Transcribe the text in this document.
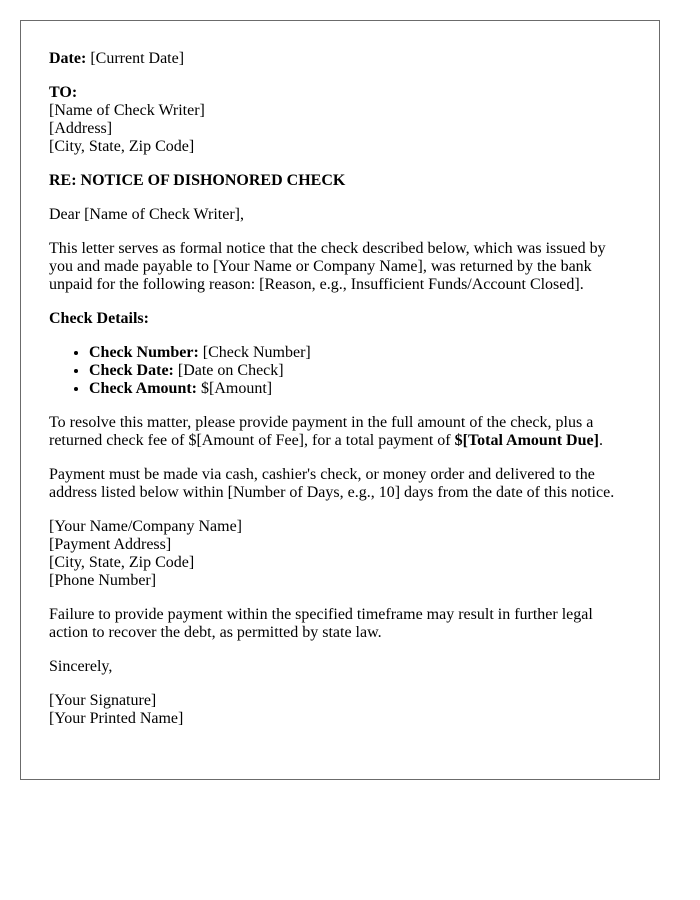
Date: [Current Date]

TO:
[Name of Check Writer]
[Address]
[City, State, Zip Code]

RE: NOTICE OF DISHONORED CHECK

Dear [Name of Check Writer],

This letter serves as formal notice that the check described below, which was issued by you and made payable to [Your Name or Company Name], was returned by the bank unpaid for the following reason: [Reason, e.g., Insufficient Funds/Account Closed].

Check Details:

• Check Number: [Check Number]
• Check Date: [Date on Check]
• Check Amount: $[Amount]

To resolve this matter, please provide payment in the full amount of the check, plus a returned check fee of $[Amount of Fee], for a total payment of $[Total Amount Due].

Payment must be made via cash, cashier's check, or money order and delivered to the address listed below within [Number of Days, e.g., 10] days from the date of this notice.

[Your Name/Company Name]
[Payment Address]
[City, State, Zip Code]
[Phone Number]

Failure to provide payment within the specified timeframe may result in further legal action to recover the debt, as permitted by state law.

Sincerely,

[Your Signature]
[Your Printed Name]
